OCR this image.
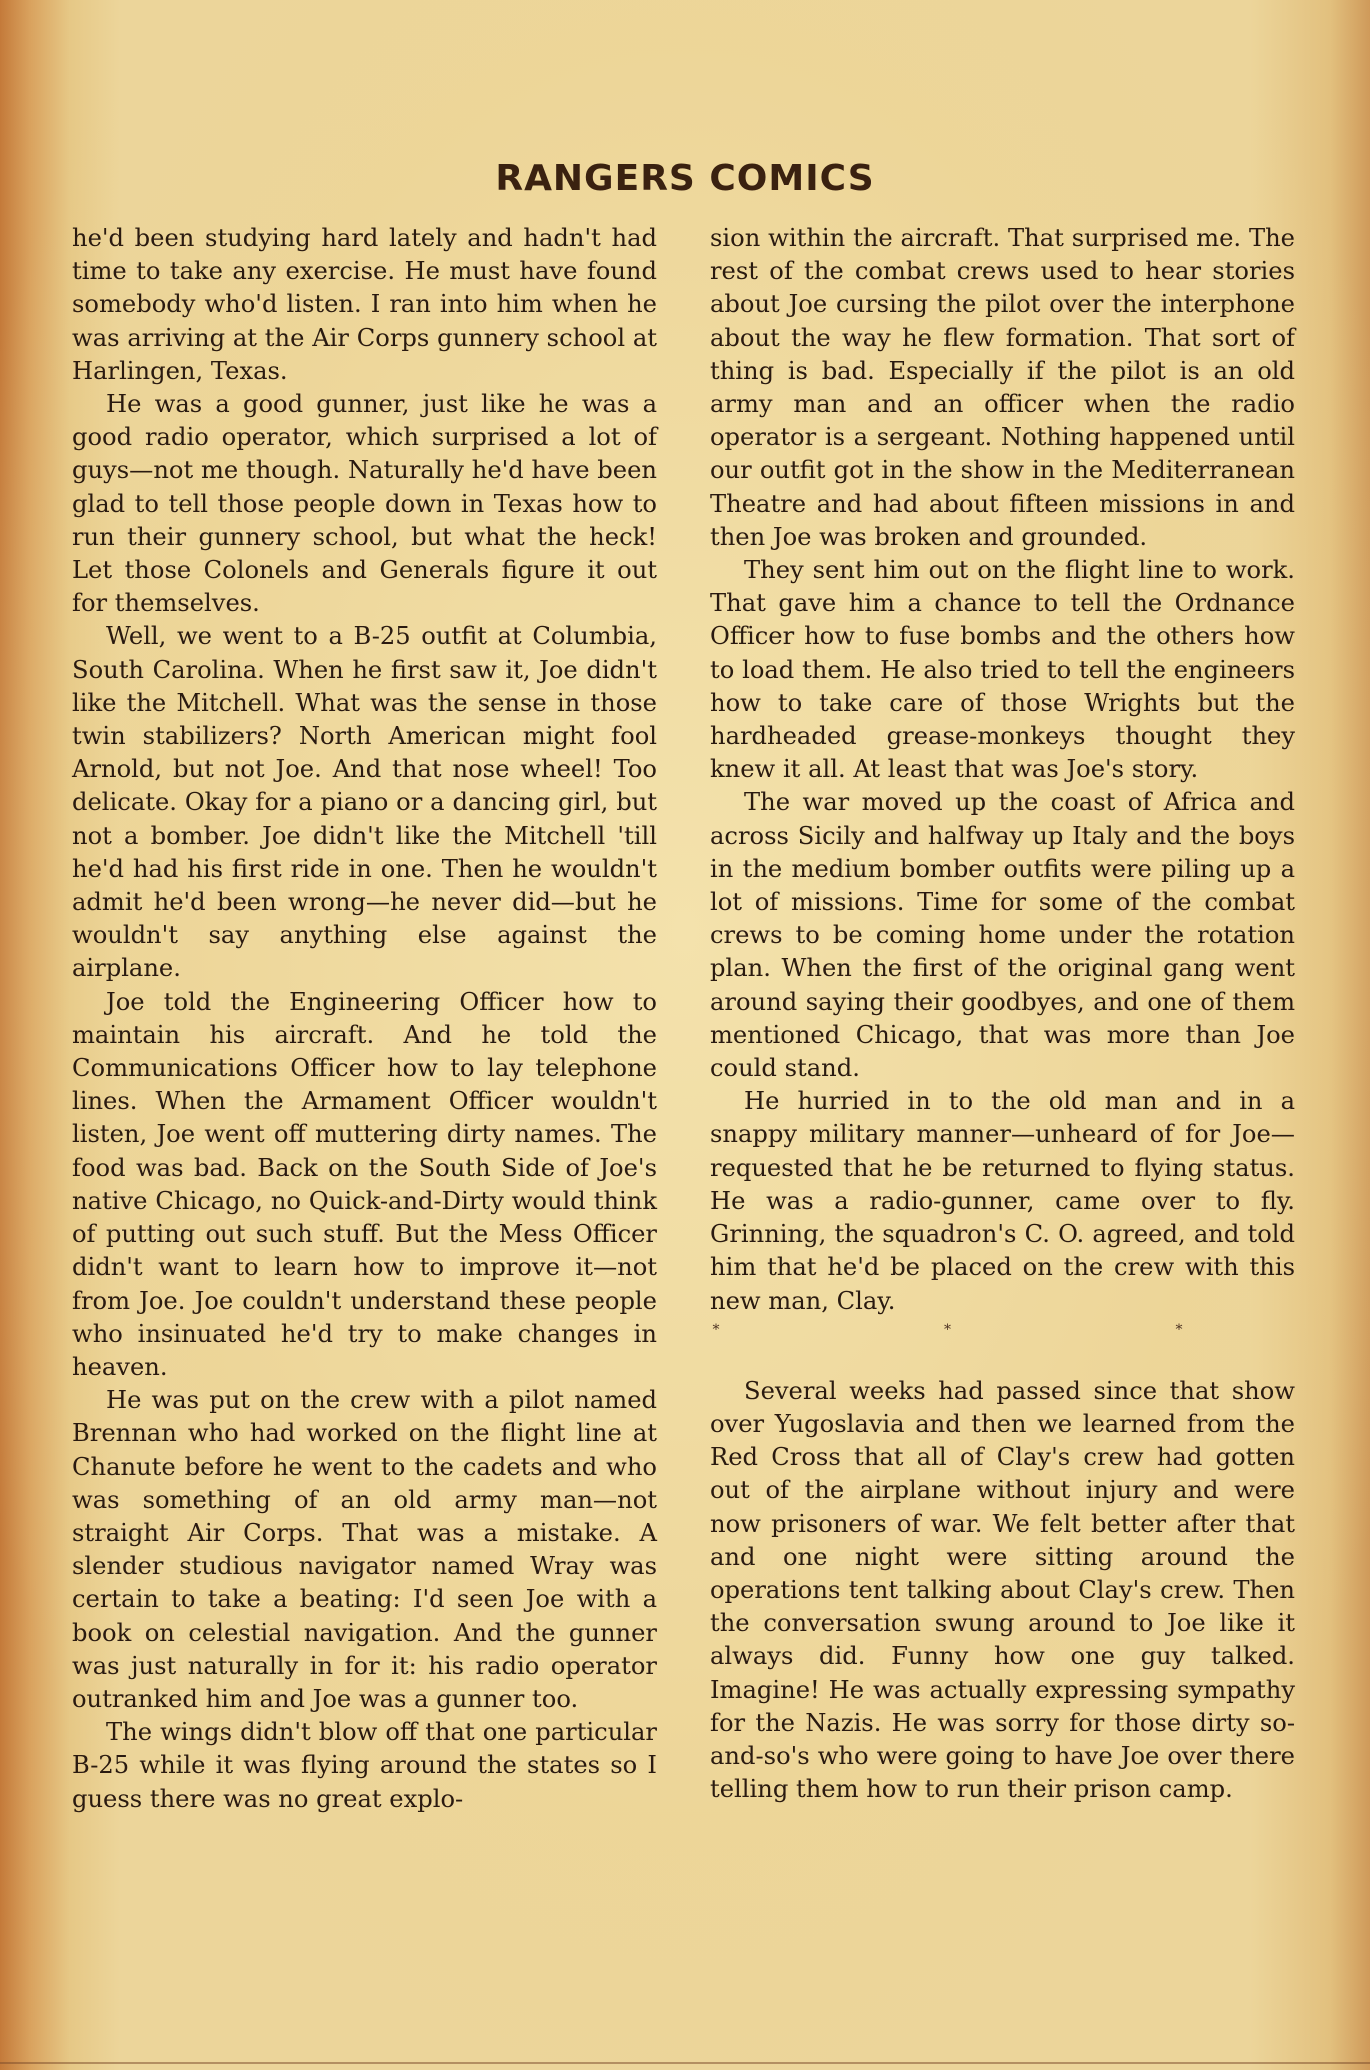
RANGERS COMICS

he'd been studying hard lately and hadn't had time to take any exercise. He must have found somebody who'd listen. I ran into him when he was arriving at the Air Corps gunnery school at Harlingen, Texas.

He was a good gunner, just like he was a good radio operator, which surprised a lot of guys—not me though. Naturally he'd have been glad to tell those people down in Texas how to run their gunnery school, but what the heck! Let those Colonels and Generals figure it out for themselves.

Well, we went to a B-25 outfit at Columbia, South Carolina. When he first saw it, Joe didn't like the Mitchell. What was the sense in those twin stabilizers? North American might fool Arnold, but not Joe. And that nose wheel! Too delicate. Okay for a piano or a dancing girl, but not a bomber. Joe didn't like the Mitchell 'till he'd had his first ride in one. Then he wouldn't admit he'd been wrong—he never did—but he wouldn't say anything else against the airplane.

Joe told the Engineering Officer how to maintain his aircraft. And he told the Communications Officer how to lay telephone lines. When the Armament Officer wouldn't listen, Joe went off muttering dirty names. The food was bad. Back on the South Side of Joe's native Chicago, no Quick-and-Dirty would think of putting out such stuff. But the Mess Officer didn't want to learn how to improve it—not from Joe. Joe couldn't understand these people who insinuated he'd try to make changes in heaven.

He was put on the crew with a pilot named Brennan who had worked on the flight line at Chanute before he went to the cadets and who was something of an old army man—not straight Air Corps. That was a mistake. A slender studious navigator named Wray was certain to take a beating: I'd seen Joe with a book on celestial navigation. And the gunner was just naturally in for it: his radio operator outranked him and Joe was a gunner too.

The wings didn't blow off that one particular B-25 while it was flying around the states so I guess there was no great explo-

sion within the aircraft. That surprised me. The rest of the combat crews used to hear stories about Joe cursing the pilot over the interphone about the way he flew formation. That sort of thing is bad. Especially if the pilot is an old army man and an officer when the radio operator is a sergeant. Nothing happened until our outfit got in the show in the Mediterranean Theatre and had about fifteen missions in and then Joe was broken and grounded.

They sent him out on the flight line to work. That gave him a chance to tell the Ordnance Officer how to fuse bombs and the others how to load them. He also tried to tell the engineers how to take care of those Wrights but the hardheaded grease-monkeys thought they knew it all. At least that was Joe's story.

The war moved up the coast of Africa and across Sicily and halfway up Italy and the boys in the medium bomber outfits were piling up a lot of missions. Time for some of the combat crews to be coming home under the rotation plan. When the first of the original gang went around saying their goodbyes, and one of them mentioned Chicago, that was more than Joe could stand.

He hurried in to the old man and in a snappy military manner—unheard of for Joe—requested that he be returned to flying status. He was a radio-gunner, came over to fly. Grinning, the squadron's C. O. agreed, and told him that he'd be placed on the crew with this new man, Clay.

* * *

Several weeks had passed since that show over Yugoslavia and then we learned from the Red Cross that all of Clay's crew had gotten out of the airplane without injury and were now prisoners of war. We felt better after that and one night were sitting around the operations tent talking about Clay's crew. Then the conversation swung around to Joe like it always did. Funny how one guy talked. Imagine! He was actually expressing sympathy for the Nazis. He was sorry for those dirty so-and-so's who were going to have Joe over there telling them how to run their prison camp.
